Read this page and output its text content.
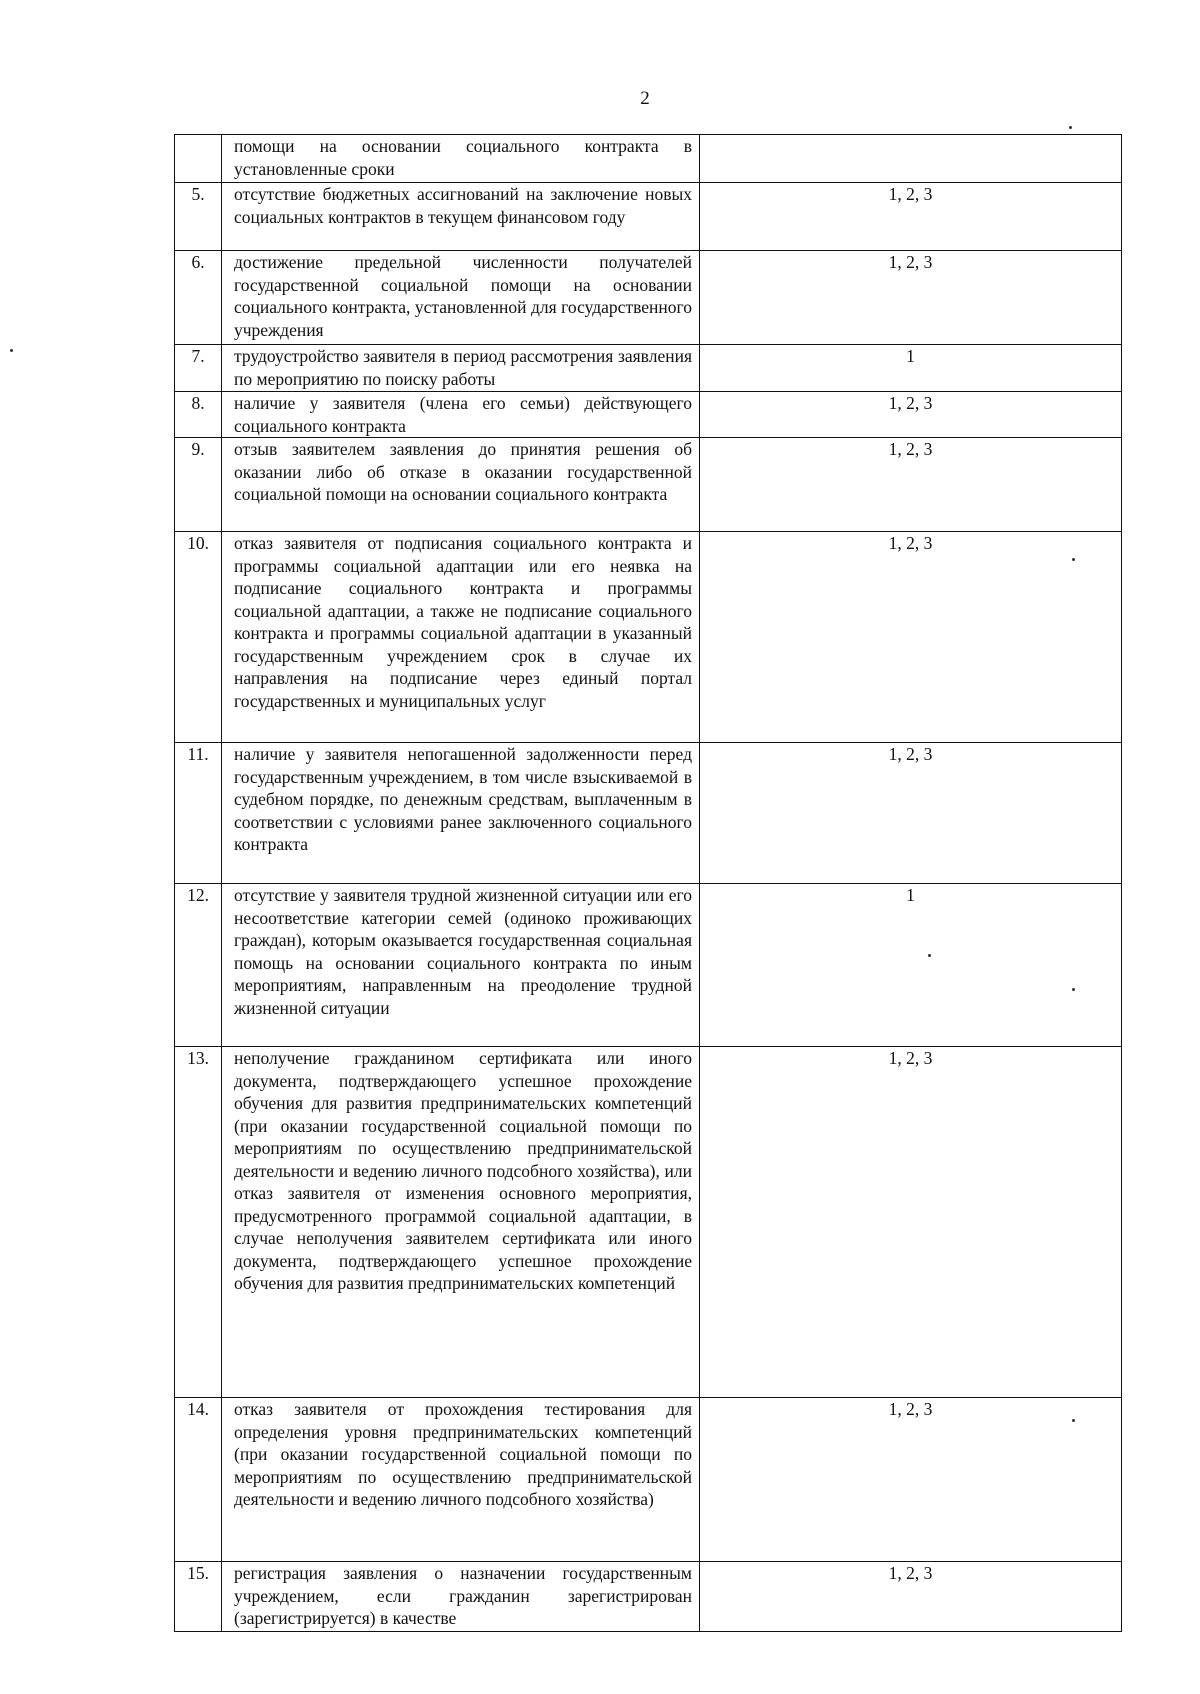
2
	помощи на основании социального контракта в установленные сроки	
5.	отсутствие бюджетных ассигнований на заключение новых социальных контрактов в текущем финансовом году	1, 2, 3
6.	достижение предельной численности получателей государственной социальной помощи на основании социального контракта, установленной для государственного учреждения	1, 2, 3
7.	трудоустройство заявителя в период рассмотрения заявления по мероприятию по поиску работы	1
8.	наличие у заявителя (члена его семьи) действующего социального контракта	1, 2, 3
9.	отзыв заявителем заявления до принятия решения об оказании либо об отказе в оказании государственной социальной помощи на основании социального контракта	1, 2, 3
10.	отказ заявителя от подписания социального контракта и программы социальной адаптации или его неявка на подписание социального контракта и программы социальной адаптации, а также не подписание социального контракта и программы социальной адаптации в указанный государственным учреждением срок в случае их направления на подписание через единый портал государственных и муниципальных услуг	1, 2, 3
11.	наличие у заявителя непогашенной задолженности перед государственным учреждением, в том числе взыскиваемой в судебном порядке, по денежным средствам, выплаченным в соответствии с условиями ранее заключенного социального контракта	1, 2, 3
12.	отсутствие у заявителя трудной жизненной ситуации или его несоответствие категории семей (одиноко проживающих граждан), которым оказывается государственная социальная помощь на основании социального контракта по иным мероприятиям, направленным на преодоление трудной жизненной ситуации	1
13.	неполучение гражданином сертификата или иного документа, подтверждающего успешное прохождение обучения для развития предпринимательских компетенций (при оказании государственной социальной помощи по мероприятиям по осуществлению предпринимательской деятельности и ведению личного подсобного хозяйства), или отказ заявителя от изменения основного мероприятия, предусмотренного программой социальной адаптации, в случае неполучения заявителем сертификата или иного документа, подтверждающего успешное прохождение обучения для развития предпринимательских компетенций	1, 2, 3
14.	отказ заявителя от прохождения тестирования для определения уровня предпринимательских компетенций (при оказании государственной социальной помощи по мероприятиям по осуществлению предпринимательской деятельности и ведению личного подсобного хозяйства)	1, 2, 3
15.	регистрация заявления о назначении государственным учреждением, если гражданин зарегистрирован (зарегистрируется) в качестве	1, 2, 3
